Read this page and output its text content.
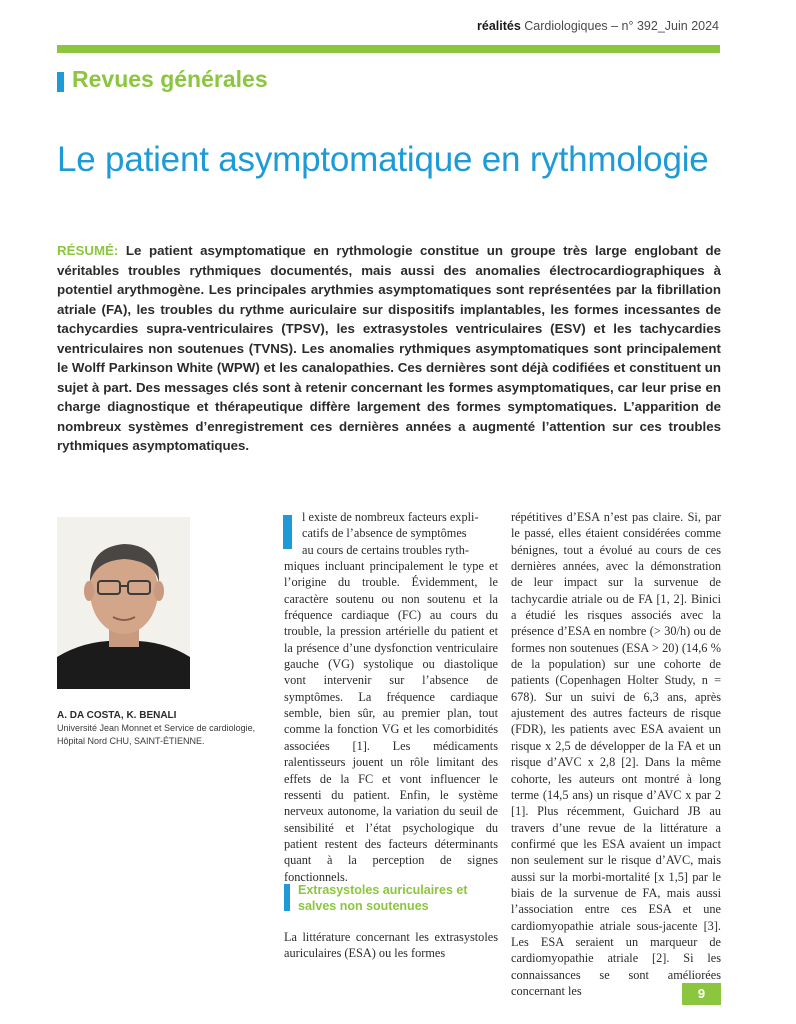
réalités Cardiologiques – n° 392_Juin 2024
Revues générales
Le patient asymptomatique en rythmologie
RÉSUMÉ: Le patient asymptomatique en rythmologie constitue un groupe très large englobant de véritables troubles rythmiques documentés, mais aussi des anomalies électrocardiographiques à potentiel arythmogène. Les principales arythmies asymptomatiques sont représentées par la fibrillation atriale (FA), les troubles du rythme auriculaire sur dispositifs implantables, les formes incessantes de tachycardies supra-ventriculaires (TPSV), les extrasystoles ventriculaires (ESV) et les tachycardies ventriculaires non soutenues (TVNS). Les anomalies rythmiques asymptomatiques sont principalement le Wolff Parkinson White (WPW) et les canalopathies. Ces dernières sont déjà codifiées et constituent un sujet à part. Des messages clés sont à retenir concernant les formes asymptomatiques, car leur prise en charge diagnostique et thérapeutique diffère largement des formes symptomatiques. L’apparition de nombreux systèmes d’enregistrement ces dernières années a augmenté l’attention sur ces troubles rythmiques asymptomatiques.
A. DA COSTA, K. BENALI
Université Jean Monnet et Service de cardiologie, Hôpital Nord CHU, SAINT-ÉTIENNE.
l existe de nombreux facteurs expli-
catifs de l’absence de symptômes
au cours de certains troubles ryth-
miques incluant principalement le type et l’origine du trouble. Évidemment, le caractère soutenu ou non soutenu et la fréquence cardiaque (FC) au cours du trouble, la pression artérielle du patient et la présence d’une dysfonction ventriculaire gauche (VG) systolique ou diastolique vont intervenir sur l’absence de symptômes. La fréquence cardiaque semble, bien sûr, au premier plan, tout comme la fonction VG et les comorbidités associées [1]. Les médicaments ralentisseurs jouent un rôle limitant des effets de la FC et vont influencer le ressenti du patient. Enfin, le système nerveux autonome, la variation du seuil de sensibilité et l’état psychologique du patient restent des facteurs déterminants quant à la perception de signes fonctionnels.
Extrasystoles auriculaires et salves non soutenues
La littérature concernant les extrasystoles auriculaires (ESA) ou les formes
répétitives d’ESA n’est pas claire. Si, par le passé, elles étaient considérées comme bénignes, tout a évolué au cours de ces dernières années, avec la démonstration de leur impact sur la survenue de tachycardie atriale ou de FA [1, 2]. Binici a étudié les risques associés avec la présence d’ESA en nombre (> 30/h) ou de formes non soutenues (ESA > 20) (14,6 % de la population) sur une cohorte de patients (Copenhagen Holter Study, n = 678). Sur un suivi de 6,3 ans, après ajustement des autres facteurs de risque (FDR), les patients avec ESA avaient un risque x 2,5 de développer de la FA et un risque d’AVC x 2,8 [2]. Dans la même cohorte, les auteurs ont montré à long terme (14,5 ans) un risque d’AVC x par 2 [1]. Plus récemment, Guichard JB au travers d’une revue de la littérature a confirmé que les ESA avaient un impact non seulement sur le risque d’AVC, mais aussi sur la morbi-mortalité [x 1,5] par le biais de la survenue de FA, mais aussi l’association entre ces ESA et une cardiomyopathie atriale sous-jacente [3]. Les ESA seraient un marqueur de cardiomyopathie atriale [2]. Si les connaissances se sont améliorées concernant les	9
